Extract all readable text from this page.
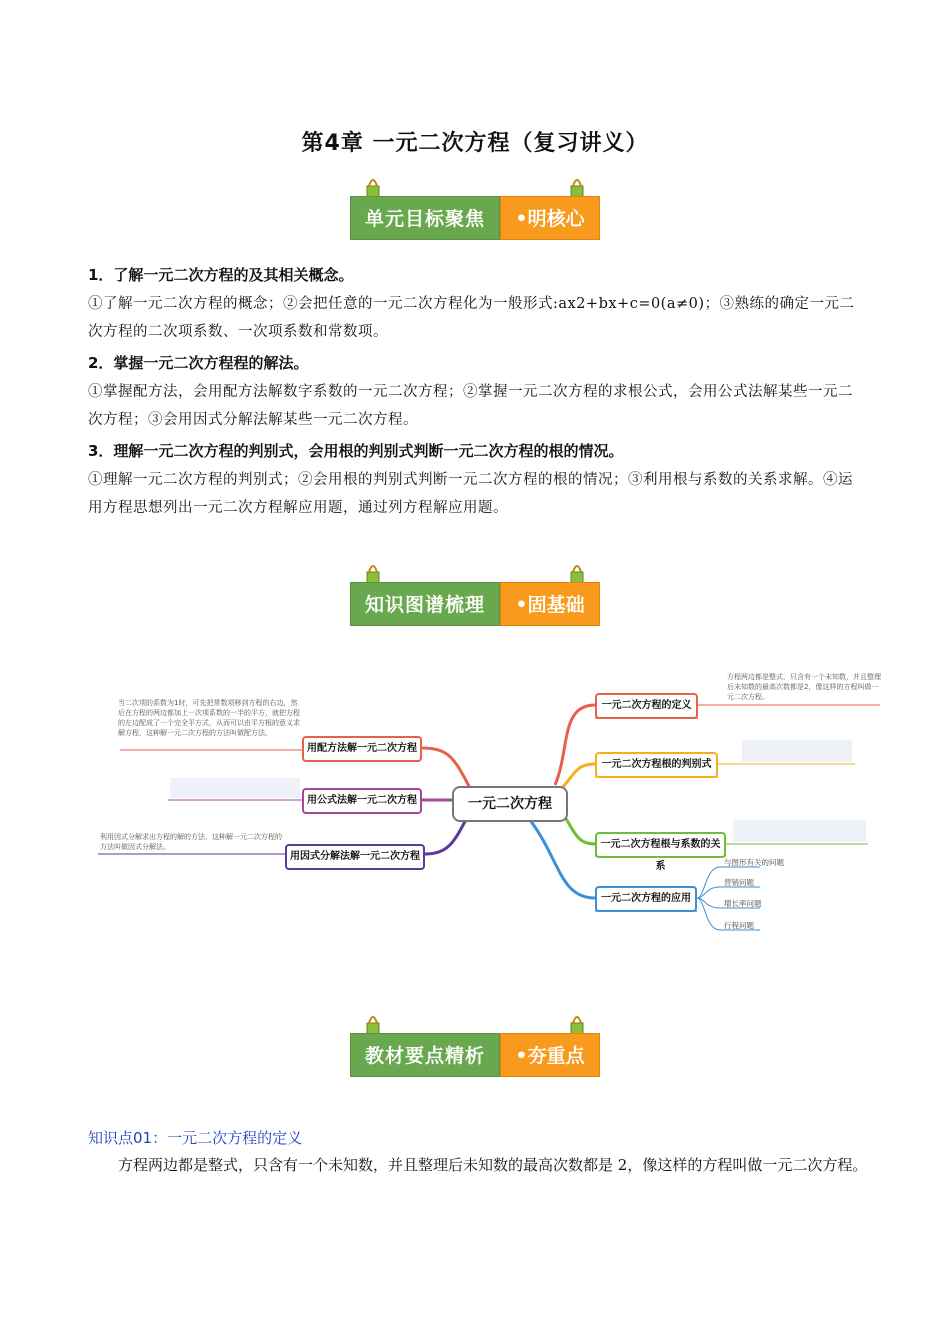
第4章 一元二次方程（复习讲义）
单元目标聚焦	•明核心
1．了解一元二次方程的及其相关概念。
①了解一元二次方程的概念；②会把任意的一元二次方程化为一般形式:ax2+bx+c=0(a≠0)；③熟练的确定一元二次方程的二次项系数、一次项系数和常数项。
2．掌握一元二次方程程的解法。
①掌握配方法，会用配方法解数字系数的一元二次方程；②掌握一元二次方程的求根公式，会用公式法解某些一元二次方程；③会用因式分解法解某些一元二次方程。
3．理解一元二次方程的判别式，会用根的判别式判断一元二次方程的根的情况。
①理解一元二次方程的判别式；②会用根的判别式判断一元二次方程的根的情况；③利用根与系数的关系求解。④运用方程思想列出一元二次方程解应用题，通过列方程解应用题。
知识图谱梳理	•固基础
一元二次方程
一元二次方程的定义
方程两边都是整式，只含有一个未知数，并且整理后未知数的最高次数都是2，像这样的方程叫做一元二次方程。
一元二次方程根的判别式
一元二次方程根与系数的关系
一元二次方程的应用
与图形有关的问题
营销问题
增长率问题
行程问题
用配方法解一元二次方程
当二次项的系数为1时，可先把常数项移到方程的右边，然后在方程的两边都加上一次项系数的一半的平方，就把方程的左边配成了一个完全平方式，从而可以由平方根的意义求解方程，这种解一元二次方程的方法叫做配方法。
用公式法解一元二次方程
用因式分解法解一元二次方程
利用因式分解求出方程的解的方法，这种解一元二次方程的方法叫做因式分解法。
教材要点精析	•夯重点
知识点01：一元二次方程的定义
方程两边都是整式，只含有一个未知数，并且整理后未知数的最高次数都是 2，像这样的方程叫做一元二次方程。
